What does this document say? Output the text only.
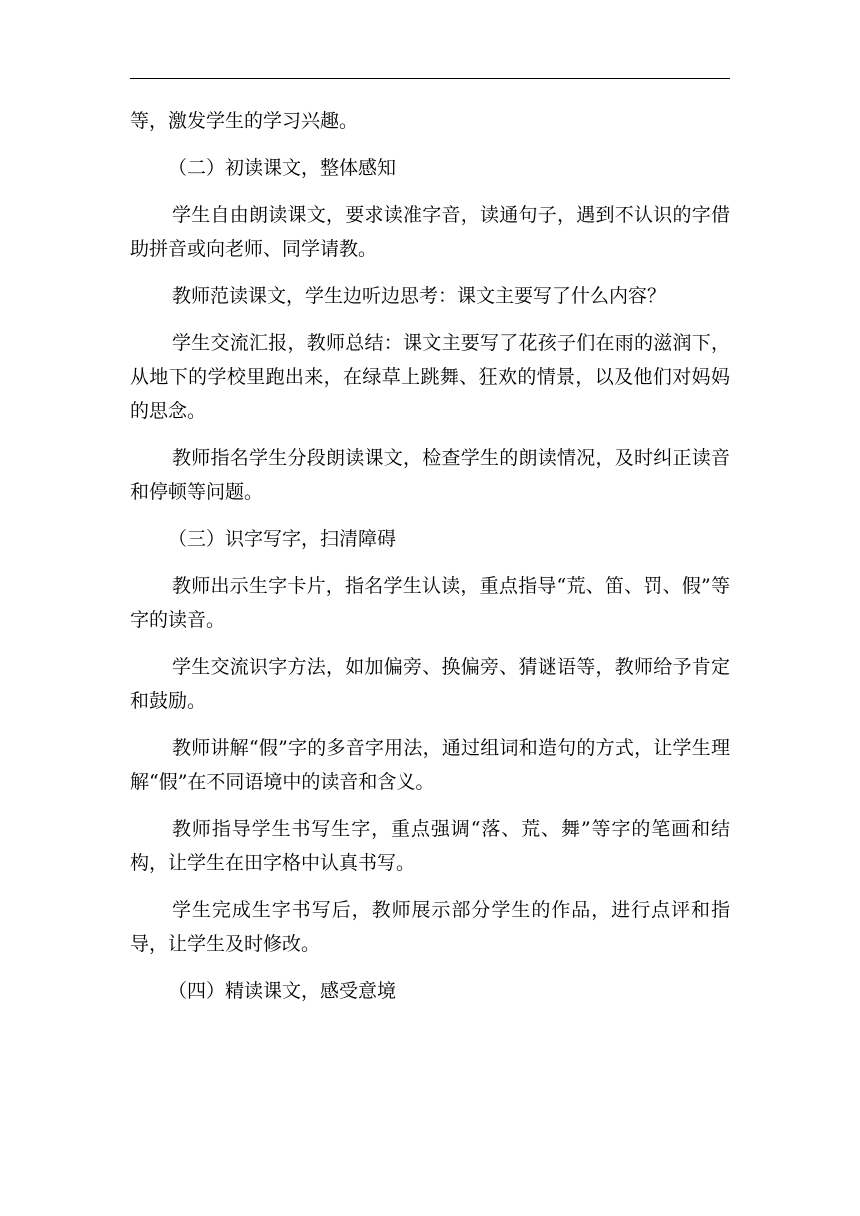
等，激发学生的学习兴趣。

（二）初读课文，整体感知

学生自由朗读课文，要求读准字音，读通句子，遇到不认识的字借助拼音或向老师、同学请教。

教师范读课文，学生边听边思考：课文主要写了什么内容？

学生交流汇报，教师总结：课文主要写了花孩子们在雨的滋润下，从地下的学校里跑出来，在绿草上跳舞、狂欢的情景，以及他们对妈妈的思念。

教师指名学生分段朗读课文，检查学生的朗读情况，及时纠正读音和停顿等问题。

（三）识字写字，扫清障碍

教师出示生字卡片，指名学生认读，重点指导“荒、笛、罚、假”等字的读音。

学生交流识字方法，如加偏旁、换偏旁、猜谜语等，教师给予肯定和鼓励。

教师讲解“假”字的多音字用法，通过组词和造句的方式，让学生理解“假”在不同语境中的读音和含义。

教师指导学生书写生字，重点强调“落、荒、舞”等字的笔画和结构，让学生在田字格中认真书写。

学生完成生字书写后，教师展示部分学生的作品，进行点评和指导，让学生及时修改。

（四）精读课文，感受意境
